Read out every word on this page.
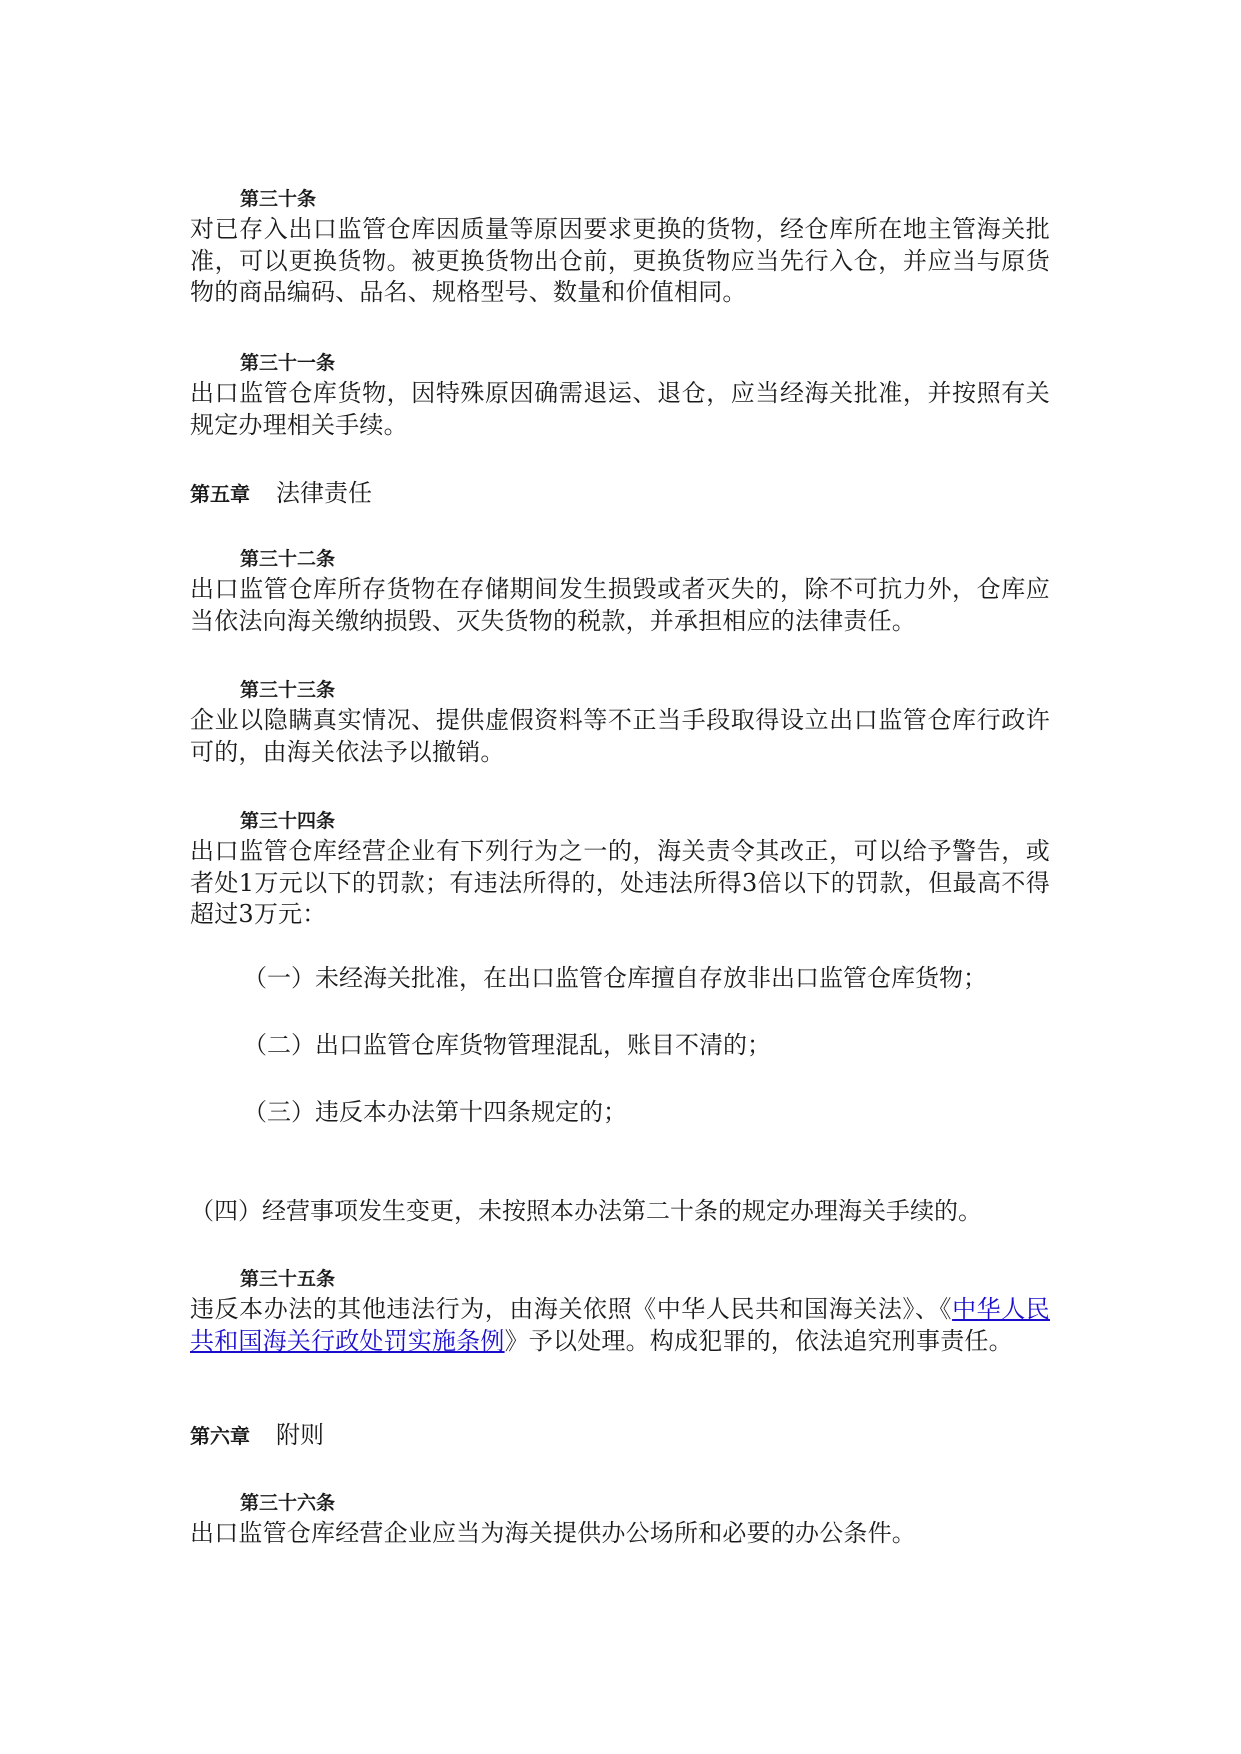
第三十条
对已存入出口监管仓库因质量等原因要求更换的货物，经仓库所在地主管海关批准，可以更换货物。被更换货物出仓前，更换货物应当先行入仓，并应当与原货物的商品编码、品名、规格型号、数量和价值相同。
第三十一条
出口监管仓库货物，因特殊原因确需退运、退仓，应当经海关批准，并按照有关规定办理相关手续。
第五章 法律责任
第三十二条
出口监管仓库所存货物在存储期间发生损毁或者灭失的，除不可抗力外，仓库应当依法向海关缴纳损毁、灭失货物的税款，并承担相应的法律责任。
第三十三条
企业以隐瞒真实情况、提供虚假资料等不正当手段取得设立出口监管仓库行政许可的，由海关依法予以撤销。
第三十四条
出口监管仓库经营企业有下列行为之一的，海关责令其改正，可以给予警告，或者处1万元以下的罚款；有违法所得的，处违法所得3倍以下的罚款，但最高不得超过3万元：
（一）未经海关批准，在出口监管仓库擅自存放非出口监管仓库货物；
（二）出口监管仓库货物管理混乱，账目不清的；
（三）违反本办法第十四条规定的；
（四）经营事项发生变更，未按照本办法第二十条的规定办理海关手续的。
第三十五条
违反本办法的其他违法行为，由海关依照《中华人民共和国海关法》、《中华人民共和国海关行政处罚实施条例》予以处理。构成犯罪的，依法追究刑事责任。
第六章 附则
第三十六条
出口监管仓库经营企业应当为海关提供办公场所和必要的办公条件。
